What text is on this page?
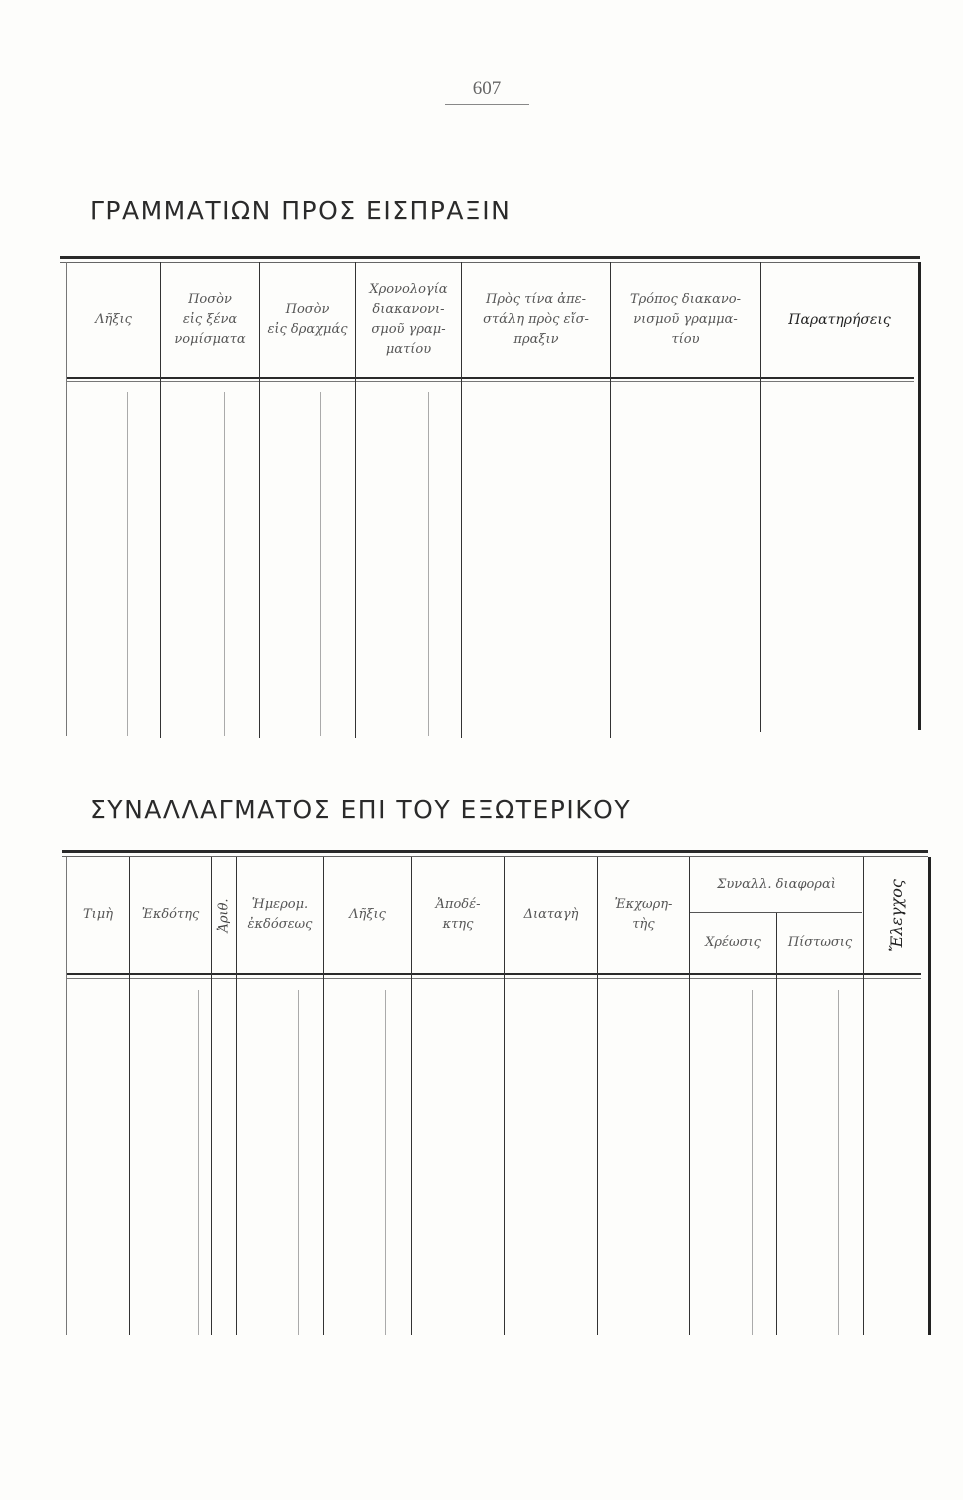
607
ΓΡΑΜΜΑΤΙΩΝ ΠΡΟΣ ΕΙΣΠΡΑΞΙΝ
Λῆξις
Ποσὸν
εἰς ξένα
νομίσματα
Ποσὸν
εἰς δραχμάς
Χρονολογία
διακανονι-
σμοῦ γραμ-
ματίου
Πρὸς τίνα ἀπε-
στάλη πρὸς εἴσ-
πραξιν
Τρόπος διακανο-
νισμοῦ γραμμα-
τίου
Παρατηρήσεις
ΣΥΝΑΛΛΑΓΜΑΤΟΣ ΕΠΙ ΤΟΥ ΕΞΩΤΕΡΙΚΟΥ
Τιμὴ Ἐκδότης Ἀριθ.	Ἡμερομ.
ἐκδόσεως
Λῆξις
Ἀποδέ-
κτης
Διαταγὴ
Ἐκχωρη-
τὴς
Συναλλ. διαφοραὶ
Χρέωσις Πίστωσις Ἔλεγχος
